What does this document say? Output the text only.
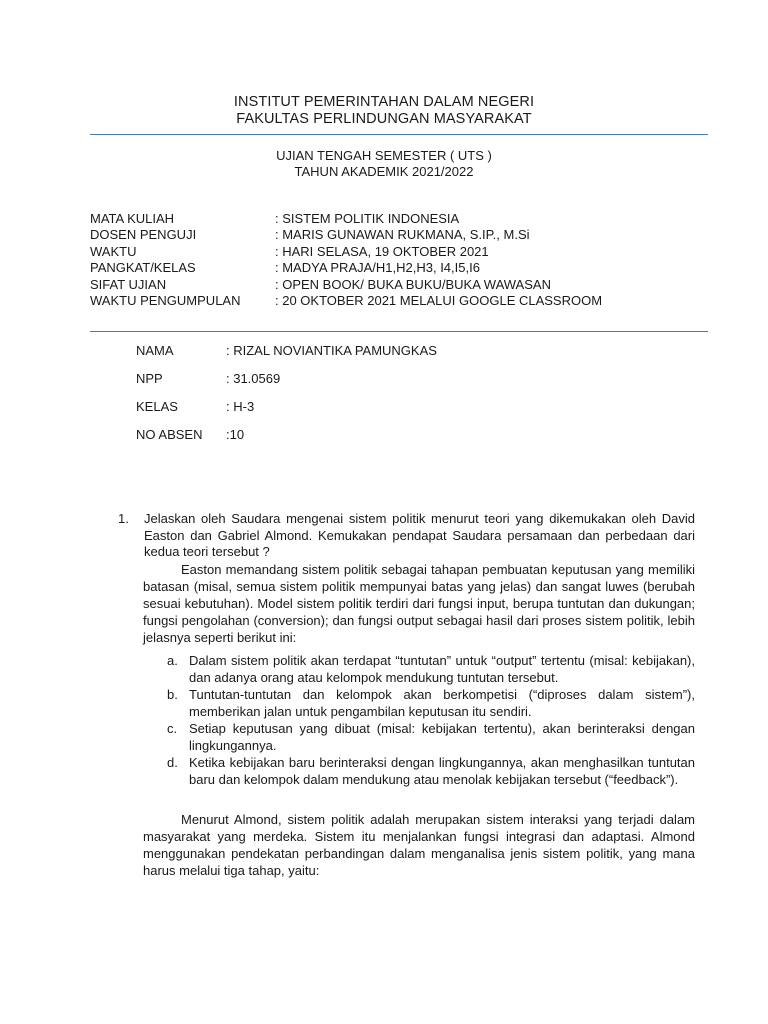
INSTITUT PEMERINTAHAN DALAM NEGERI
FAKULTAS PERLINDUNGAN MASYARAKAT
UJIAN TENGAH SEMESTER ( UTS )
TAHUN AKADEMIK 2021/2022
MATA KULIAH	: SISTEM POLITIK INDONESIA
DOSEN PENGUJI	: MARIS GUNAWAN RUKMANA, S.IP., M.Si
WAKTU	: HARI SELASA, 19 OKTOBER 2021
PANGKAT/KELAS	: MADYA PRAJA/H1,H2,H3, I4,I5,I6
SIFAT UJIAN	: OPEN BOOK/ BUKA BUKU/BUKA WAWASAN
WAKTU PENGUMPULAN	: 20 OKTOBER 2021 MELALUI GOOGLE CLASSROOM
NAMA	: RIZAL NOVIANTIKA PAMUNGKAS
NPP	: 31.0569
KELAS	: H-3
NO ABSEN :10
1. Jelaskan oleh Saudara mengenai sistem politik menurut teori yang dikemukakan oleh David Easton dan Gabriel Almond. Kemukakan pendapat Saudara persamaan dan perbedaan dari kedua teori tersebut ?
Easton memandang sistem politik sebagai tahapan pembuatan keputusan yang memiliki batasan (misal, semua sistem politik mempunyai batas yang jelas) dan sangat luwes (berubah sesuai kebutuhan). Model sistem politik terdiri dari fungsi input, berupa tuntutan dan dukungan; fungsi pengolahan (conversion); dan fungsi output sebagai hasil dari proses sistem politik, lebih jelasnya seperti berikut ini:
a. Dalam sistem politik akan terdapat “tuntutan” untuk “output” tertentu (misal: kebijakan), dan adanya orang atau kelompok mendukung tuntutan tersebut.
b. Tuntutan-tuntutan dan kelompok akan berkompetisi (“diproses dalam sistem”), memberikan jalan untuk pengambilan keputusan itu sendiri.
c. Setiap keputusan yang dibuat (misal: kebijakan tertentu), akan berinteraksi dengan lingkungannya.
d. Ketika kebijakan baru berinteraksi dengan lingkungannya, akan menghasilkan tuntutan baru dan kelompok dalam mendukung atau menolak kebijakan tersebut (“feedback”).
Menurut Almond, sistem politik adalah merupakan sistem interaksi yang terjadi dalam masyarakat yang merdeka. Sistem itu menjalankan fungsi integrasi dan adaptasi. Almond menggunakan pendekatan perbandingan dalam menganalisa jenis sistem politik, yang mana harus melalui tiga tahap, yaitu:
